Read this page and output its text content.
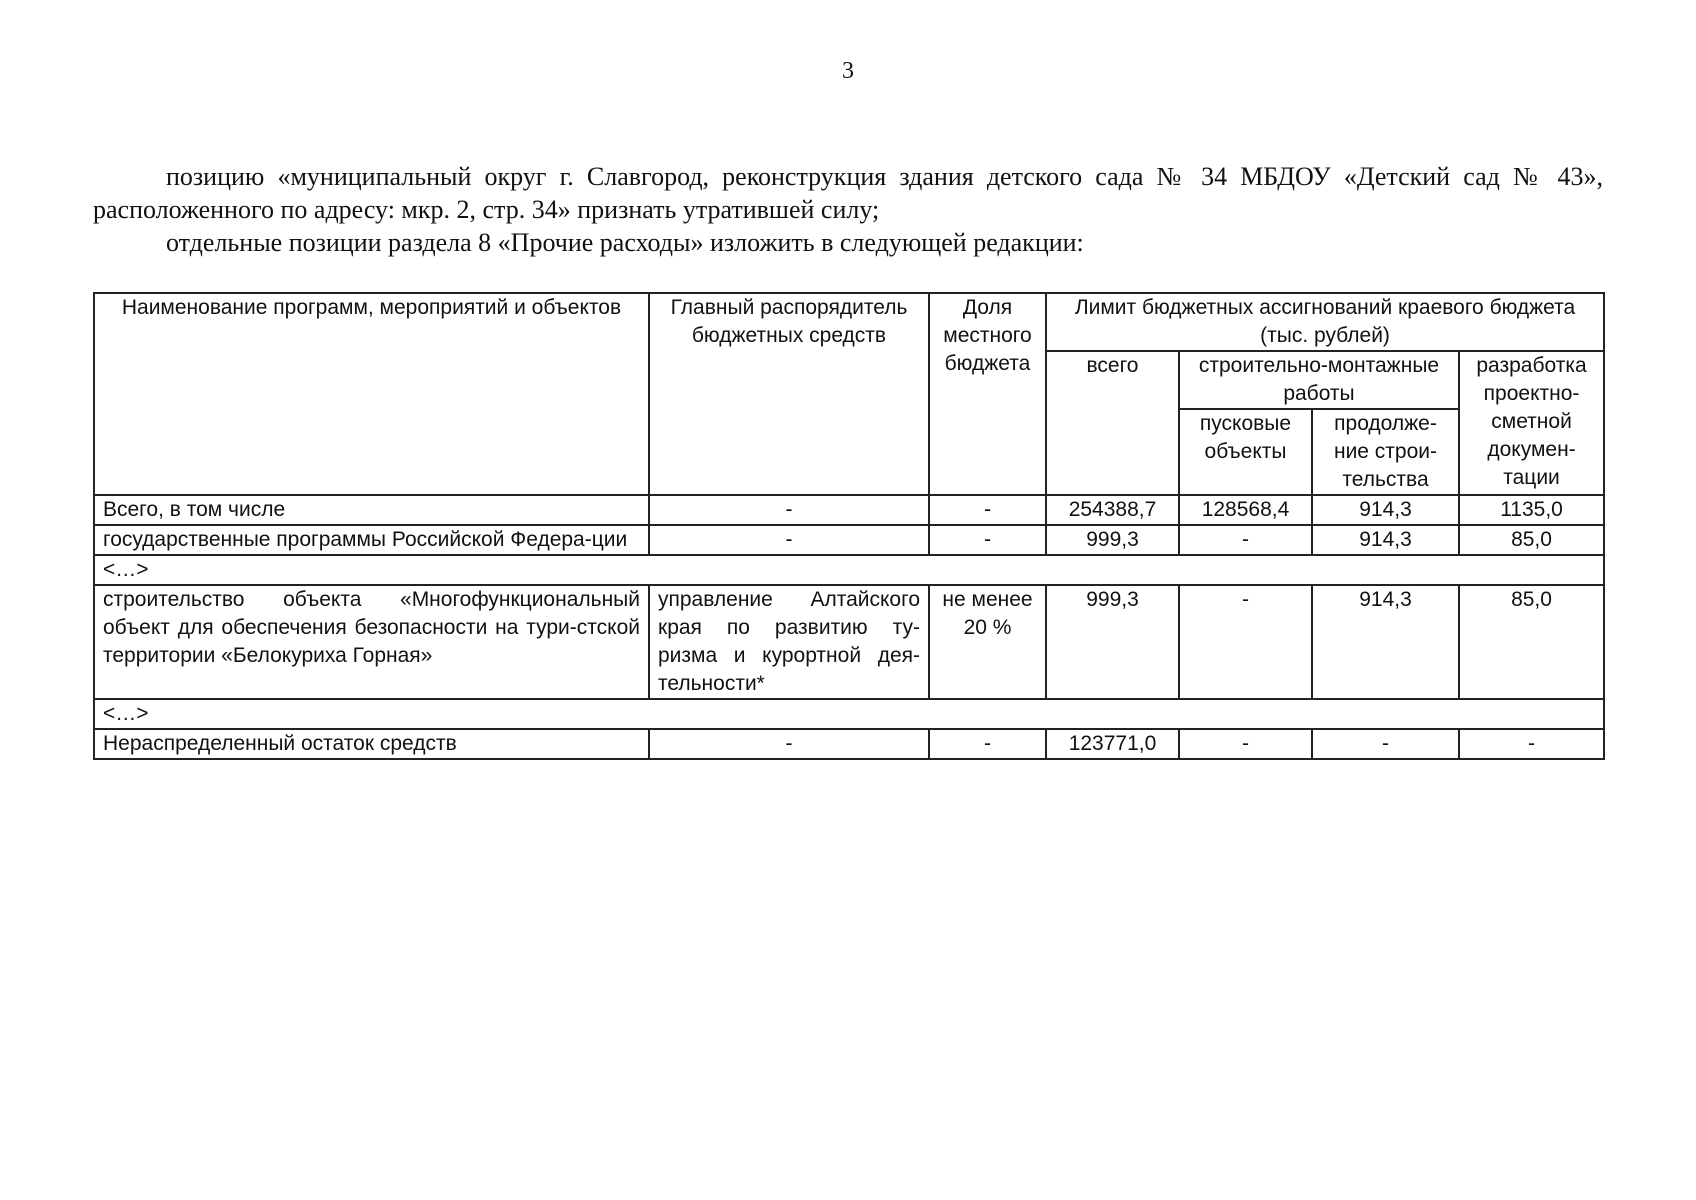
3

позицию «муниципальный округ г. Славгород, реконструкция здания детского сада № 34 МБДОУ «Детский сад № 43», расположенного по адресу: мкр. 2, стр. 34» признать утратившей силу;

отдельные позиции раздела 8 «Прочие расходы» изложить в следующей редакции:

Наименование программ, мероприятий и объектов	Главный распорядитель бюджетных средств	Доля местного бюджета	Лимит бюджетных ассигнований краевого бюджета (тыс. рублей)			
			всего	строительно-монтажные работы		разработка проектно-сметной докумен-тации
				пусковые объекты	продолже-ние строи-тельства	
Всего, в том числе	-	-	254388,7	128568,4	914,3	1135,0
государственные программы Российской Федера-ции	-	-	999,3	-	914,3	85,0
<…>						
строительство объекта «Многофункциональный объект для обеспечения безопасности на тури-стской территории «Белокуриха Горная»	управление Алтайского края по развитию ту-ризма и курортной дея-тельности*	не менее 20 %	999,3	-	914,3	85,0
<…>						
Нераспределенный остаток средств	-	-	123771,0	-	-	-
